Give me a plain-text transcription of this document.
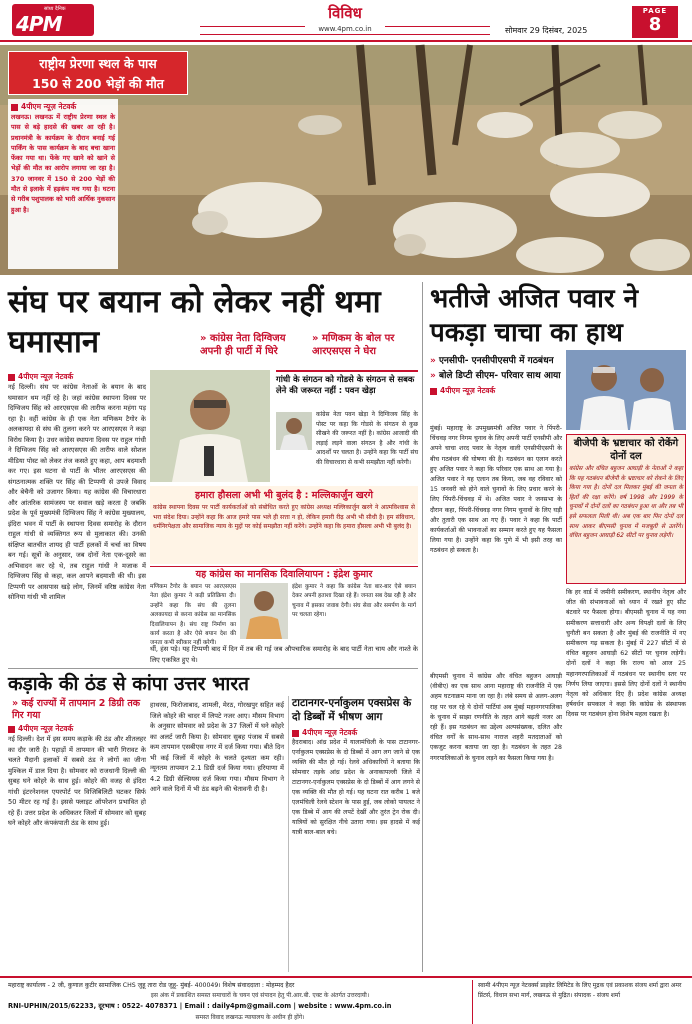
सांध्य दैनिक
4PM	विविध
www.4pm.co.in	सोमवार 29 दिसंबर, 2025
PAGE
8
राष्ट्रीय प्रेरणा स्थल के पास
150 से 200 भेड़ों की मौत
4पीएम न्यूज़ नेटवर्क
लखनऊ। लखनऊ में राष्ट्रीय प्रेरणा स्थल के पास से बड़े हादसे की खबर आ रही है। प्रधानमंत्री के कार्यक्रम के दौरान बनाई गई पार्किंग के पास कार्यक्रम के बाद बचा खाना फेंका गया था। फेंके गए खाने को खाने से भेड़ों की मौत का आरोप लगाया जा रहा है। 370 जानवर में 150 से 200 भेड़ों की मौत से इलाके में हड़कंप मच गया है। घटना से गरीब पशुपालक को भारी आर्थिक नुकसान हुआ है।
संघ पर बयान को लेकर नहीं थमा घमासान	» कांग्रेस नेता दिग्विजय अपनी ही पार्टी में घिरे
» मणिकम के बोल पर आरएसएस ने घेरा
4पीएम न्यूज़ नेटवर्क
नई दिल्ली। संघ पर कांग्रेस नेताओं के बयान के बाद घमासान थम नहीं रहे है। जहां कांग्रेस स्थापना दिवस पर दिग्विजय सिंह को आरएसएस की तारीफ करना महंगा पड़ रहा है। वहीं कांग्रेस के ही एक नेता मणिकम टैगोर के अलकायदा से संघ की तुलना करने पर आरएसएस ने कड़ा विरोध किया है। उधर कांग्रेस स्थापना दिवस पर राहुल गांधी ने दिग्विजय सिंह को आरएसएस की तारीफ वाले सोशल मीडिया पोस्ट को लेकर तंज कसते हुए कहा, आप बदमाशी कर गए। इस घटना से पार्टी के भीतर आरएसएस की संगठनात्मक शक्ति पर सिंह की टिप्पणी से उपजे विवाद और बेचैनी को उजागर किया। यह कांग्रेस की विचारधारा और आंतरिक सामंजस्य पर सवाल खड़े करता है जबकि प्रदेश के पूर्व मुख्यमंत्री दिग्विजय सिंह ने कांग्रेस मुख्यालय, इंदिरा भवन में पार्टी के स्थापना दिवस समारोह के दौरान राहुल गांधी से व्यक्तिगत रूप से मुलाकात की। उनकी संक्षिप्त बातचीत शायद ही पार्टी हलकों में चर्चा का विषय बन गई। सूत्रों के अनुसार, जब दोनों नेता एक-दूसरे का अभिवादन कर रहे थे, तब राहुल गांधी ने मजाक में दिग्विजय सिंह से कहा, कल आपने बदमाशी की थी। इस टिप्पणी पर आसपास खड़े लोग, जिनमें वरिष्ठ कांग्रेस नेता सोनिया गांधी भी शामिल
गांधी के संगठन को गोडसे के संगठन से सबक लेने की जरूरत नहीं : पवन खेड़ा
कांग्रेस नेता पवन खेड़ा ने दिग्विजय सिंह के पोस्ट पर कहा कि गोडसे के संगठन से कुछ सीखने की जरूरत नहीं है। कांग्रेस आजादी की लड़ाई लड़ने वाला संगठन है और गांधी के आदर्शों पर चलता है। उन्होंने कहा कि पार्टी संघ की विचारधारा से कभी समझौता नहीं करेगी।
हमारा हौसला अभी भी बुलंद है : मल्लिकार्जुन खरगे
कांग्रेस स्थापना दिवस पर पार्टी कार्यकर्ताओं को संबोधित करते हुए कांग्रेस अध्यक्ष मल्लिकार्जुन खरगे ने आत्मविश्वास से भरा संदेश दिया। उन्होंने कहा कि आज हमारे पास भले ही सत्ता न हो, लेकिन हमारी रीढ़ अभी भी सीधी है। हम संविधान, धर्मनिरपेक्षता और सामाजिक न्याय के मुद्दों पर कोई समझौता नहीं करेंगे। उन्होंने कहा कि हमारा हौसला अभी भी बुलंद है।
यह कांग्रेस का मानसिक दिवालियापन : इंद्रेश कुमार
मणिकम टैगोर के बयान पर आरएसएस नेता इंद्रेश कुमार ने कड़ी प्रतिक्रिया दी। उन्होंने कहा कि संघ की तुलना अलकायदा से करना कांग्रेस का मानसिक दिवालियापन है। संघ राष्ट्र निर्माण का कार्य करता है और ऐसे बयान देश की जनता कभी स्वीकार नहीं करेगी।
इंद्रेश कुमार ने कहा कि कांग्रेस नेता बार-बार ऐसे बयान देकर अपनी हताशा दिखा रहे हैं। जनता सब देख रही है और चुनाव में इसका जवाब देगी। संघ सेवा और समर्पण के मार्ग पर चलता रहेगा।
थीं, हंस पड़े। यह टिप्पणी बाद में दिन में तब की गई जब औपचारिक समारोह के बाद पार्टी नेता चाय और नाश्ते के लिए एकत्रित हुए थे।
कड़ाके की ठंड से कांपा उत्तर भारत
» कई राज्यों में तापमान 2 डिग्री तक गिर गया
4पीएम न्यूज़ नेटवर्क
नई दिल्ली। देश में इस समय कड़ाके की ठंड और शीतलहर का दौर जारी है। पहाड़ों में तापमान की भारी गिरावट के चलते मैदानी इलाकों में सबसे ठंड ने लोगों का जीना मुश्किल में डाल दिया है। सोमवार को राजधानी दिल्ली की सुबह घने कोहरे के साथ हुई। कोहरे की वजह से इंदिरा गांधी इंटरनेशनल एयरपोर्ट पर विजिबिलिटी घटकर सिर्फ 50 मीटर रह गई है। इससे फ्लाइट ऑपरेशन प्रभावित हो रहे हैं। उत्तर प्रदेश के अधिकतर जिलों में सोमवार को सुबह घने कोहरे और कंपकंपाती ठंड के साथ हुई।
हाथरस, फिरोजाबाद, शामली, मेरठ, गोरखपुर सहित कई जिले कोहरे की चादर में लिपटे नजर आए। मौसम विभाग के अनुसार सोमवार को प्रदेश के 37 जिलों में घने कोहरे का अलर्ट जारी किया है। सोमवार सुबह पंजाब में सबसे कम तापमान एसबीएस नगर में दर्ज किया गया। बीते दिन भी कई जिलों में कोहरे के चलते दृश्यता कम रही। न्यूनतम तापमान 2.1 डिग्री दर्ज किया गया। हरियाणा में 4.2 डिग्री सेल्सियस दर्ज किया गया। मौसम विभाग ने आने वाले दिनों में भी ठंड बढ़ने की चेतावनी दी है।
टाटानगर-एर्नाकुलम एक्सप्रेस के दो डिब्बों में भीषण आग
4पीएम न्यूज़ नेटवर्क
हैदराबाद। आंध्र प्रदेश में यालामंचिली के पास टाटानगर-एर्नाकुलम एक्सप्रेस के दो डिब्बों में आग लग जाने से एक व्यक्ति की मौत हो गई। रेलवे अधिकारियों ने बताया कि सोमवार तड़के आंध्र प्रदेश के अनाकापल्ली जिले में टाटानगर-एर्नाकुलम एक्सप्रेस के दो डिब्बों में आग लगने से एक व्यक्ति की मौत हो गई। यह घटना रात करीब 1 बजे एलमंचिली रेलवे स्टेशन के पास हुई, जब लोको पायलट ने एक डिब्बे में आग की लपटें देखीं और तुरंत ट्रेन रोक दी। यात्रियों को सुरक्षित नीचे उतारा गया। इस हादसे में कई यात्री बाल-बाल बचे।
भतीजे अजित पवार ने पकड़ा चाचा का हाथ
» एनसीपी- एनसीपीएसपी में गठबंधन
» बोले डिप्टी सीएम- परिवार साथ आया
4पीएम न्यूज़ नेटवर्क
मुंबई। महाराष्ट्र के उपमुख्यमंत्री अजित पवार ने पिंपरी-चिंचवड़ नगर निगम चुनाव के लिए अपनी पार्टी एनसीपी और अपने चाचा शरद पवार के नेतृत्व वाली एनसीपीएसपी के बीच गठबंधन की घोषणा की है। गठबंधन का एलान करते हुए अजित पवार ने कहा कि परिवार एक साथ आ गया है। अजित पवार ने यह एलान तब किया, जब वह रविवार को 15 जनवरी को होने वाले चुनावों के लिए प्रचार करने के लिए पिंपरी-चिंचवड़ में थे। अजित पवार ने जनसभा के दौरान कहा, पिंपरी-चिंचवड़ नगर निगम चुनावों के लिए घड़ी और तुतारी एक साथ आ गए हैं। पवार ने कहा कि पार्टी कार्यकर्ताओं की भावनाओं का सम्मान करते हुए यह फैसला लिया गया है। उन्होंने कहा कि पुणे में भी इसी तरह का गठबंधन हो सकता है।
बीजेपी के भ्रष्टाचार को रोकेंगे दोनों दल
कांग्रेस और वंचित बहुजन आघाड़ी के नेताओं ने कहा कि यह गठबंधन बीजेपी के भ्रष्टाचार को रोकने के लिए किया गया है। दोनों दल मिलकर मुंबई की जनता के हितों की रक्षा करेंगे। वर्ष 1998 और 1999 के चुनावों में दोनों दलों का गठबंधन हुआ था और तब भी इसे सफलता मिली थी। अब एक बार फिर दोनों दल साथ आकर बीएमसी चुनाव में मजबूती से उतरेंगे। वंचित बहुजन आघाड़ी 62 सीटों पर चुनाव लड़ेगी।
बीएमसी चुनाव में कांग्रेस और वंचित बहुजन आघाड़ी (वीबीए) का एक साथ आना महाराष्ट्र की राजनीति में एक अहम घटनाक्रम माना जा रहा है। लंबे समय से अलग-अलग राह पर चल रहे ये दोनों पार्टियां अब मुंबई महानगरपालिका के चुनाव में साझा रणनीति के तहत आगे बढ़ती नजर आ रही हैं। इस गठबंधन का उद्देश्य अल्पसंख्यक, दलित और वंचित वर्गों के साथ-साथ नाराज शहरी मतदाताओं को एकजुट करना बताया जा रहा है। गठबंधन के तहत 28 नगरपालिकाओं के चुनाव लड़ने का फैसला किया गया है।
कि हर वार्ड में जमीनी समीकरण, स्थानीय नेतृत्व और जीत की संभावनाओं को ध्यान में रखते हुए सीट बंटवारे पर फैसला होगा। बीएमसी चुनाव में यह नया समीकरण सत्ताधारी और अन्य विपक्षी दलों के लिए चुनौती बन सकता है और मुंबई की राजनीति में नए समीकरण गढ़ सकता है। मुंबई में 227 सीटों में से वंचित बहुजन आघाड़ी 62 सीटों पर चुनाव लड़ेगी। दोनों दलों ने कहा कि राज्य को आज 25 महानगरपालिकाओं में गठबंधन पर स्थानीय स्तर पर निर्णय लिया जाएगा। इससे लिए दोनों दलों ने स्थानीय नेतृत्व को अधिकार दिए हैं। प्रदेश कांग्रेस अध्यक्ष हर्षवर्धन सपकाल ने कहा कि कांग्रेस के संस्थापक दिवस पर गठबंधन होना विशेष महत्व रखता है।
महाराष्ट्र कार्यालय - 2 जी, कुणाल कुटीर सामाजिक CHS जुहू तारा रोड जुहू- मुंबई- 400049। विशेष संवाददाता : मोहम्मद हैदर
इस अंक में प्रकाशित समस्त समाचारों के चयन एवं संपादन हेतु पी.आर.बी. एक्ट के अंतर्गत उत्तरदायी।
RNI-UPHIN/2015/62233, दूरभाष : 0522- 4078371 | Email : daily4pm@gmail.com | website : www.4pm.co.in
समस्त विवाद लखनऊ न्यायालय के अधीन ही होंगे।
स्वामी 4पीएम न्यूज़ नेटवर्क्स प्राइवेट लिमिटेड के लिए मुद्रक एवं प्रकाशक संजय शर्मा द्वारा अमर प्रिंटर्स, विधान सभा मार्ग, लखनऊ से मुद्रित। संपादक - संजय शर्मा
